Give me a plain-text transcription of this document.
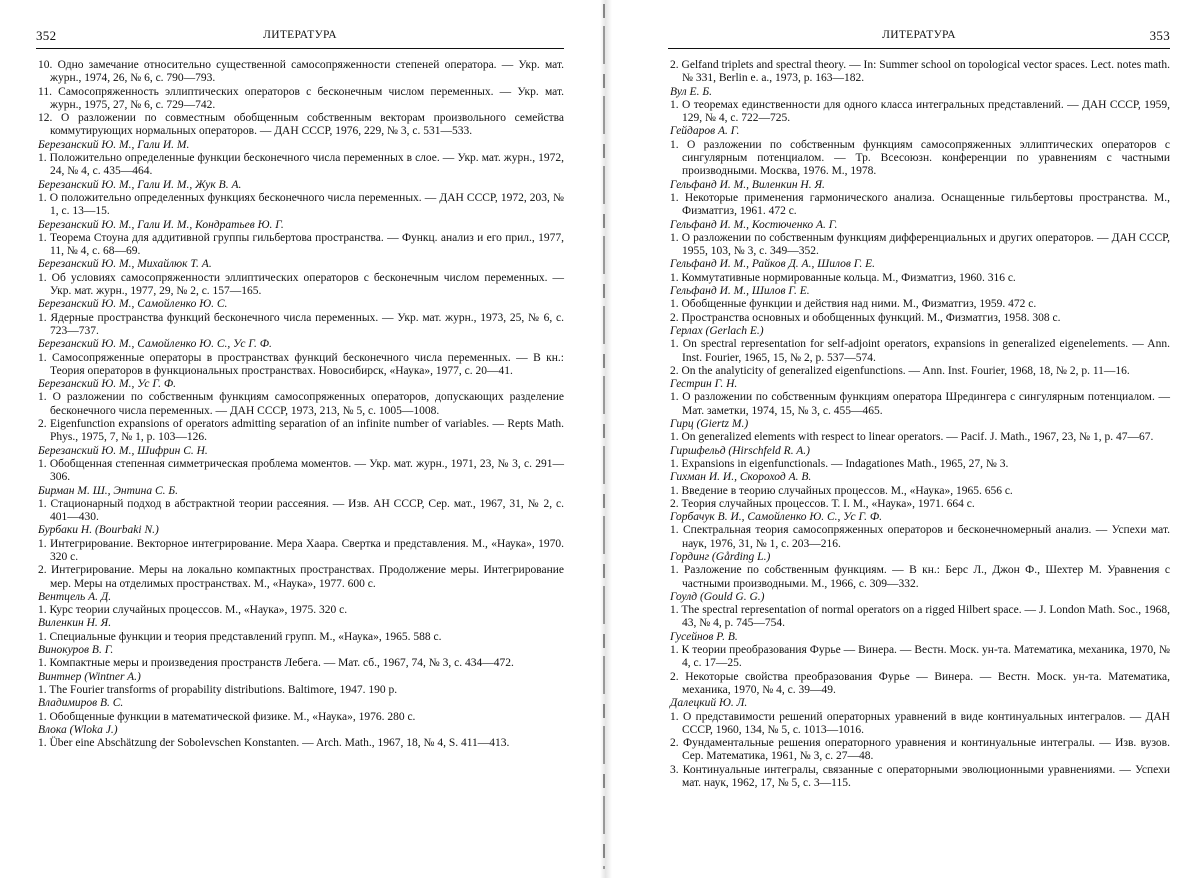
352	ЛИТЕРАТУРА
10. Одно замечание относительно существенной самосопряженности степеней оператора. — Укр. мат. журн., 1974, 26, № 6, с. 790—793.
11. Самосопряженность эллиптических операторов с бесконечным числом переменных. — Укр. мат. журн., 1975, 27, № 6, с. 729—742.
12. О разложении по совместным обобщенным собственным векторам произвольного семейства коммутирующих нормальных операторов. — ДАН СССР, 1976, 229, № 3, с. 531—533.
Березанский Ю. М., Гали И. М.
1. Положительно определенные функции бесконечного числа переменных в слое. — Укр. мат. журн., 1972, 24, № 4, с. 435—464.
Березанский Ю. М., Гали И. М., Жук В. А.
1. О положительно определенных функциях бесконечного числа переменных. — ДАН СССР, 1972, 203, № 1, с. 13—15.
Березанский Ю. М., Гали И. М., Кондратьев Ю. Г.
1. Теорема Стоуна для аддитивной группы гильбертова пространства. — Функц. анализ и его прил., 1977, 11, № 4, с. 68—69.
Березанский Ю. М., Михайлюк Т. А.
1. Об условиях самосопряженности эллиптических операторов с бесконечным числом переменных. — Укр. мат. журн., 1977, 29, № 2, с. 157—165.
Березанский Ю. М., Самойленко Ю. С.
1. Ядерные пространства функций бесконечного числа переменных. — Укр. мат. журн., 1973, 25, № 6, с. 723—737.
Березанский Ю. М., Самойленко Ю. С., Ус Г. Ф.
1. Самосопряженные операторы в пространствах функций бесконечного числа переменных. — В кн.: Теория операторов в функциональных пространствах. Новосибирск, «Наука», 1977, с. 20—41.
Березанский Ю. М., Ус Г. Ф.
1. О разложении по собственным функциям самосопряженных операторов, допускающих разделение бесконечного числа переменных. — ДАН СССР, 1973, 213, № 5, с. 1005—1008.
2. Eigenfunction expansions of operators admitting separation of an infinite number of variables. — Repts Math. Phys., 1975, 7, № 1, p. 103—126.
Березанский Ю. М., Шифрин С. Н.
1. Обобщенная степенная симметрическая проблема моментов. — Укр. мат. журн., 1971, 23, № 3, с. 291—306.
Бирман М. Ш., Энтина С. Б.
1. Стационарный подход в абстрактной теории рассеяния. — Изв. АН СССР, Сер. мат., 1967, 31, № 2, с. 401—430.
Бурбаки Н. (Bourbaki N.)
1. Интегрирование. Векторное интегрирование. Мера Хаара. Свертка и представления. М., «Наука», 1970. 320 с.
2. Интегрирование. Меры на локально компактных пространствах. Продолжение меры. Интегрирование мер. Меры на отделимых пространствах. М., «Наука», 1977. 600 с.
Вентцель А. Д.
1. Курс теории случайных процессов. М., «Наука», 1975. 320 с.
Виленкин Н. Я.
1. Специальные функции и теория представлений групп. М., «Наука», 1965. 588 с.
Винокуров В. Г.
1. Компактные меры и произведения пространств Лебега. — Мат. сб., 1967, 74, № 3, с. 434—472.
Винтнер (Wintner A.)
1. The Fourier transforms of propability distributions. Baltimore, 1947. 190 p.
Владимиров В. С.
1. Обобщенные функции в математической физике. М., «Наука», 1976. 280 с.
Влока (Wloka J.)
1. Über eine Abschätzung der Sobolevschen Konstanten. — Arch. Math., 1967, 18, № 4, S. 411—413.
ЛИТЕРАТУРА	353
2. Gelfand triplets and spectral theory. — In: Summer school on topological vector spaces. Lect. notes math. № 331, Berlin e. a., 1973, p. 163—182.
Вул Е. Б.
1. О теоремах единственности для одного класса интегральных представлений. — ДАН СССР, 1959, 129, № 4, с. 722—725.
Гейдаров А. Г.
1. О разложении по собственным функциям самосопряженных эллиптических операторов с сингулярным потенциалом. — Тр. Всесоюзн. конференции по уравнениям с частными производными. Москва, 1976. М., 1978.
Гельфанд И. М., Виленкин Н. Я.
1. Некоторые применения гармонического анализа. Оснащенные гильбертовы пространства. М., Физматгиз, 1961. 472 с.
Гельфанд И. М., Костюченко А. Г.
1. О разложении по собственным функциям дифференциальных и других операторов. — ДАН СССР, 1955, 103, № 3, с. 349—352.
Гельфанд И. М., Райков Д. А., Шилов Г. Е.
1. Коммутативные нормированные кольца. М., Физматгиз, 1960. 316 с.
Гельфанд И. М., Шилов Г. Е.
1. Обобщенные функции и действия над ними. М., Физматгиз, 1959. 472 с.
2. Пространства основных и обобщенных функций. М., Физматгиз, 1958. 308 с.
Герлах (Gerlach E.)
1. On spectral representation for self-adjoint operators, expansions in generalized eigenelements. — Ann. Inst. Fourier, 1965, 15, № 2, p. 537—574.
2. On the analyticity of generalized eigenfunctions. — Ann. Inst. Fourier, 1968, 18, № 2, p. 11—16.
Гестрин Г. Н.
1. О разложении по собственным функциям оператора Шредингера с сингулярным потенциалом. — Мат. заметки, 1974, 15, № 3, с. 455—465.
Гирц (Giertz M.)
1. On generalized elements with respect to linear operators. — Pacif. J. Math., 1967, 23, № 1, p. 47—67.
Гиршфельд (Hirschfeld R. A.)
1. Expansions in eigenfunctionals. — Indagationes Math., 1965, 27, № 3.
Гихман И. И., Скороход А. В.
1. Введение в теорию случайных процессов. М., «Наука», 1965. 656 с.
2. Теория случайных процессов. Т. I. М., «Наука», 1971. 664 с.
Горбачук В. И., Самойленко Ю. С., Ус Г. Ф.
1. Спектральная теория самосопряженных операторов и бесконечномерный анализ. — Успехи мат. наук, 1976, 31, № 1, с. 203—216.
Гординг (Gårding L.)
1. Разложение по собственным функциям. — В кн.: Берс Л., Джон Ф., Шехтер М. Уравнения с частными производными. М., 1966, с. 309—332.
Гоулд (Gould G. G.)
1. The spectral representation of normal operators on a rigged Hilbert space. — J. London Math. Soc., 1968, 43, № 4, p. 745—754.
Гусейнов Р. В.
1. К теории преобразования Фурье — Винера. — Вестн. Моск. ун-та. Математика, механика, 1970, № 4, с. 17—25.
2. Некоторые свойства преобразования Фурье — Винера. — Вестн. Моск. ун-та. Математика, механика, 1970, № 4, с. 39—49.
Далецкий Ю. Л.
1. О представимости решений операторных уравнений в виде континуальных интегралов. — ДАН СССР, 1960, 134, № 5, с. 1013—1016.
2. Фундаментальные решения операторного уравнения и континуальные интегралы. — Изв. вузов. Сер. Математика, 1961, № 3, с. 27—48.
3. Континуальные интегралы, связанные с операторными эволюционными уравнениями. — Успехи мат. наук, 1962, 17, № 5, с. 3—115.
